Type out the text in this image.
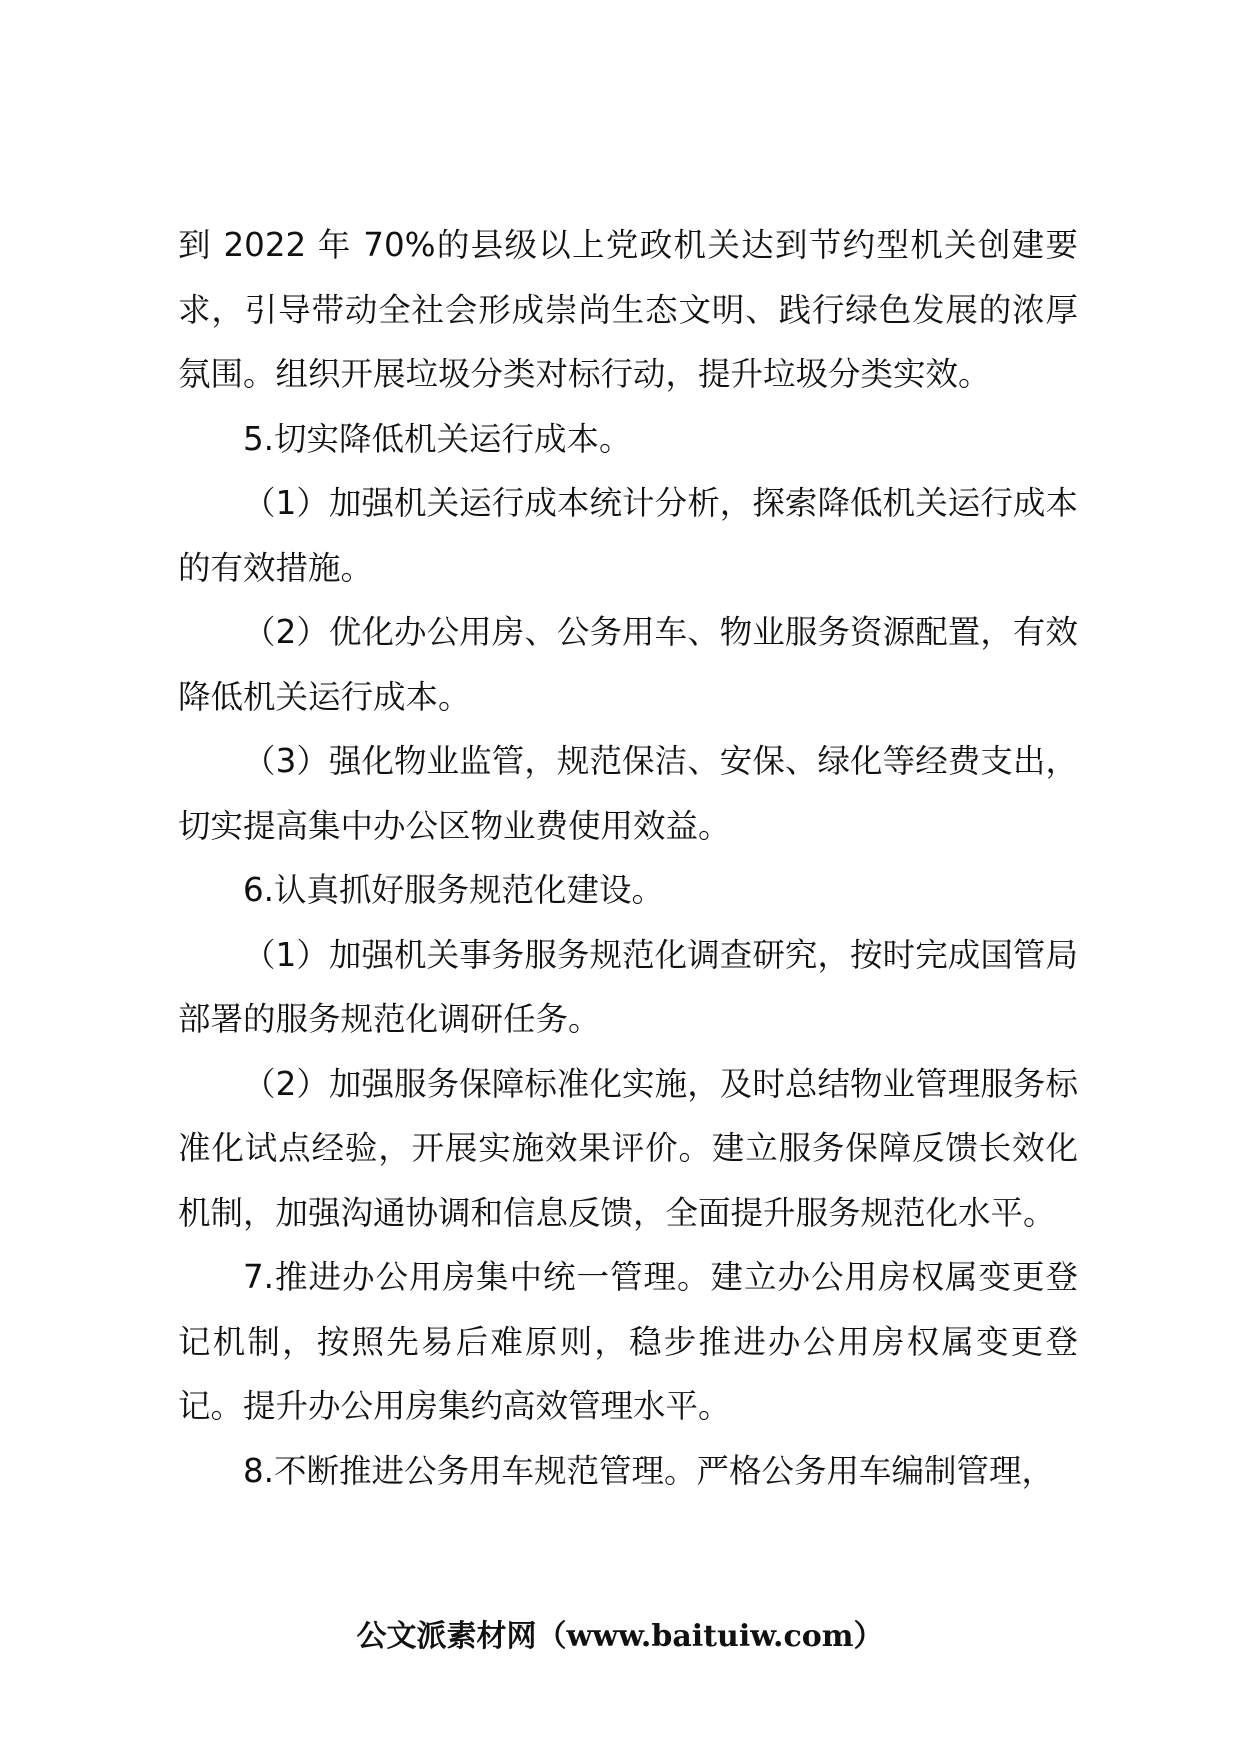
到 2022 年 70%的县级以上党政机关达到节约型机关创建要求，引导带动全社会形成崇尚生态文明、践行绿色发展的浓厚氛围。组织开展垃圾分类对标行动，提升垃圾分类实效。

5.切实降低机关运行成本。

（1）加强机关运行成本统计分析，探索降低机关运行成本的有效措施。

（2）优化办公用房、公务用车、物业服务资源配置，有效降低机关运行成本。

（3）强化物业监管，规范保洁、安保、绿化等经费支出，切实提高集中办公区物业费使用效益。

6.认真抓好服务规范化建设。

（1）加强机关事务服务规范化调查研究，按时完成国管局部署的服务规范化调研任务。

（2）加强服务保障标准化实施，及时总结物业管理服务标准化试点经验，开展实施效果评价。建立服务保障反馈长效化机制，加强沟通协调和信息反馈，全面提升服务规范化水平。

7.推进办公用房集中统一管理。建立办公用房权属变更登记机制，按照先易后难原则，稳步推进办公用房权属变更登记。提升办公用房集约高效管理水平。

8.不断推进公务用车规范管理。严格公务用车编制管理，

公文派素材网（www.baituiw.com）
